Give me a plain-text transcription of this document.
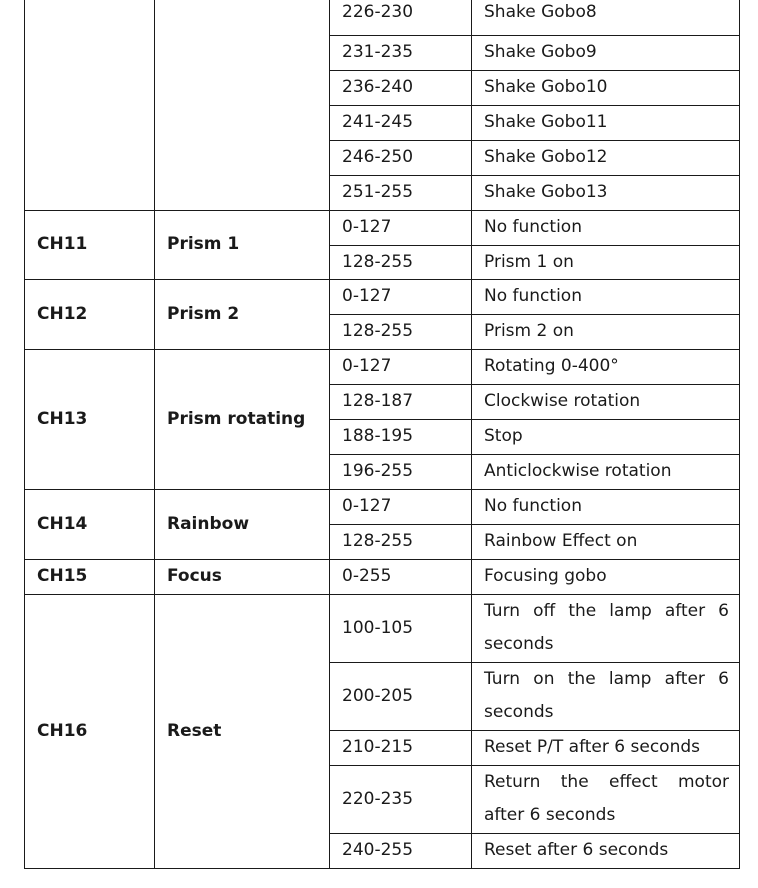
		226-230	Shake Gobo8
		231-235	Shake Gobo9
		236-240	Shake Gobo10
		241-245	Shake Gobo11
		246-250	Shake Gobo12
		251-255	Shake Gobo13
CH11	Prism 1	0-127	No function
		128-255	Prism 1 on
CH12	Prism 2	0-127	No function
		128-255	Prism 2 on
CH13	Prism rotating	0-127	Rotating 0-400°
		128-187	Clockwise rotation
		188-195	Stop
		196-255	Anticlockwise rotation
CH14	Rainbow	0-127	No function
		128-255	Rainbow Effect on
CH15	Focus	0-255	Focusing gobo
CH16	Reset	100-105	Turn off the lamp after 6 seconds
		200-205	Turn on the lamp after 6 seconds
		210-215	Reset P/T after 6 seconds
		220-235	Return the effect motor after 6 seconds
		240-255	Reset after 6 seconds
